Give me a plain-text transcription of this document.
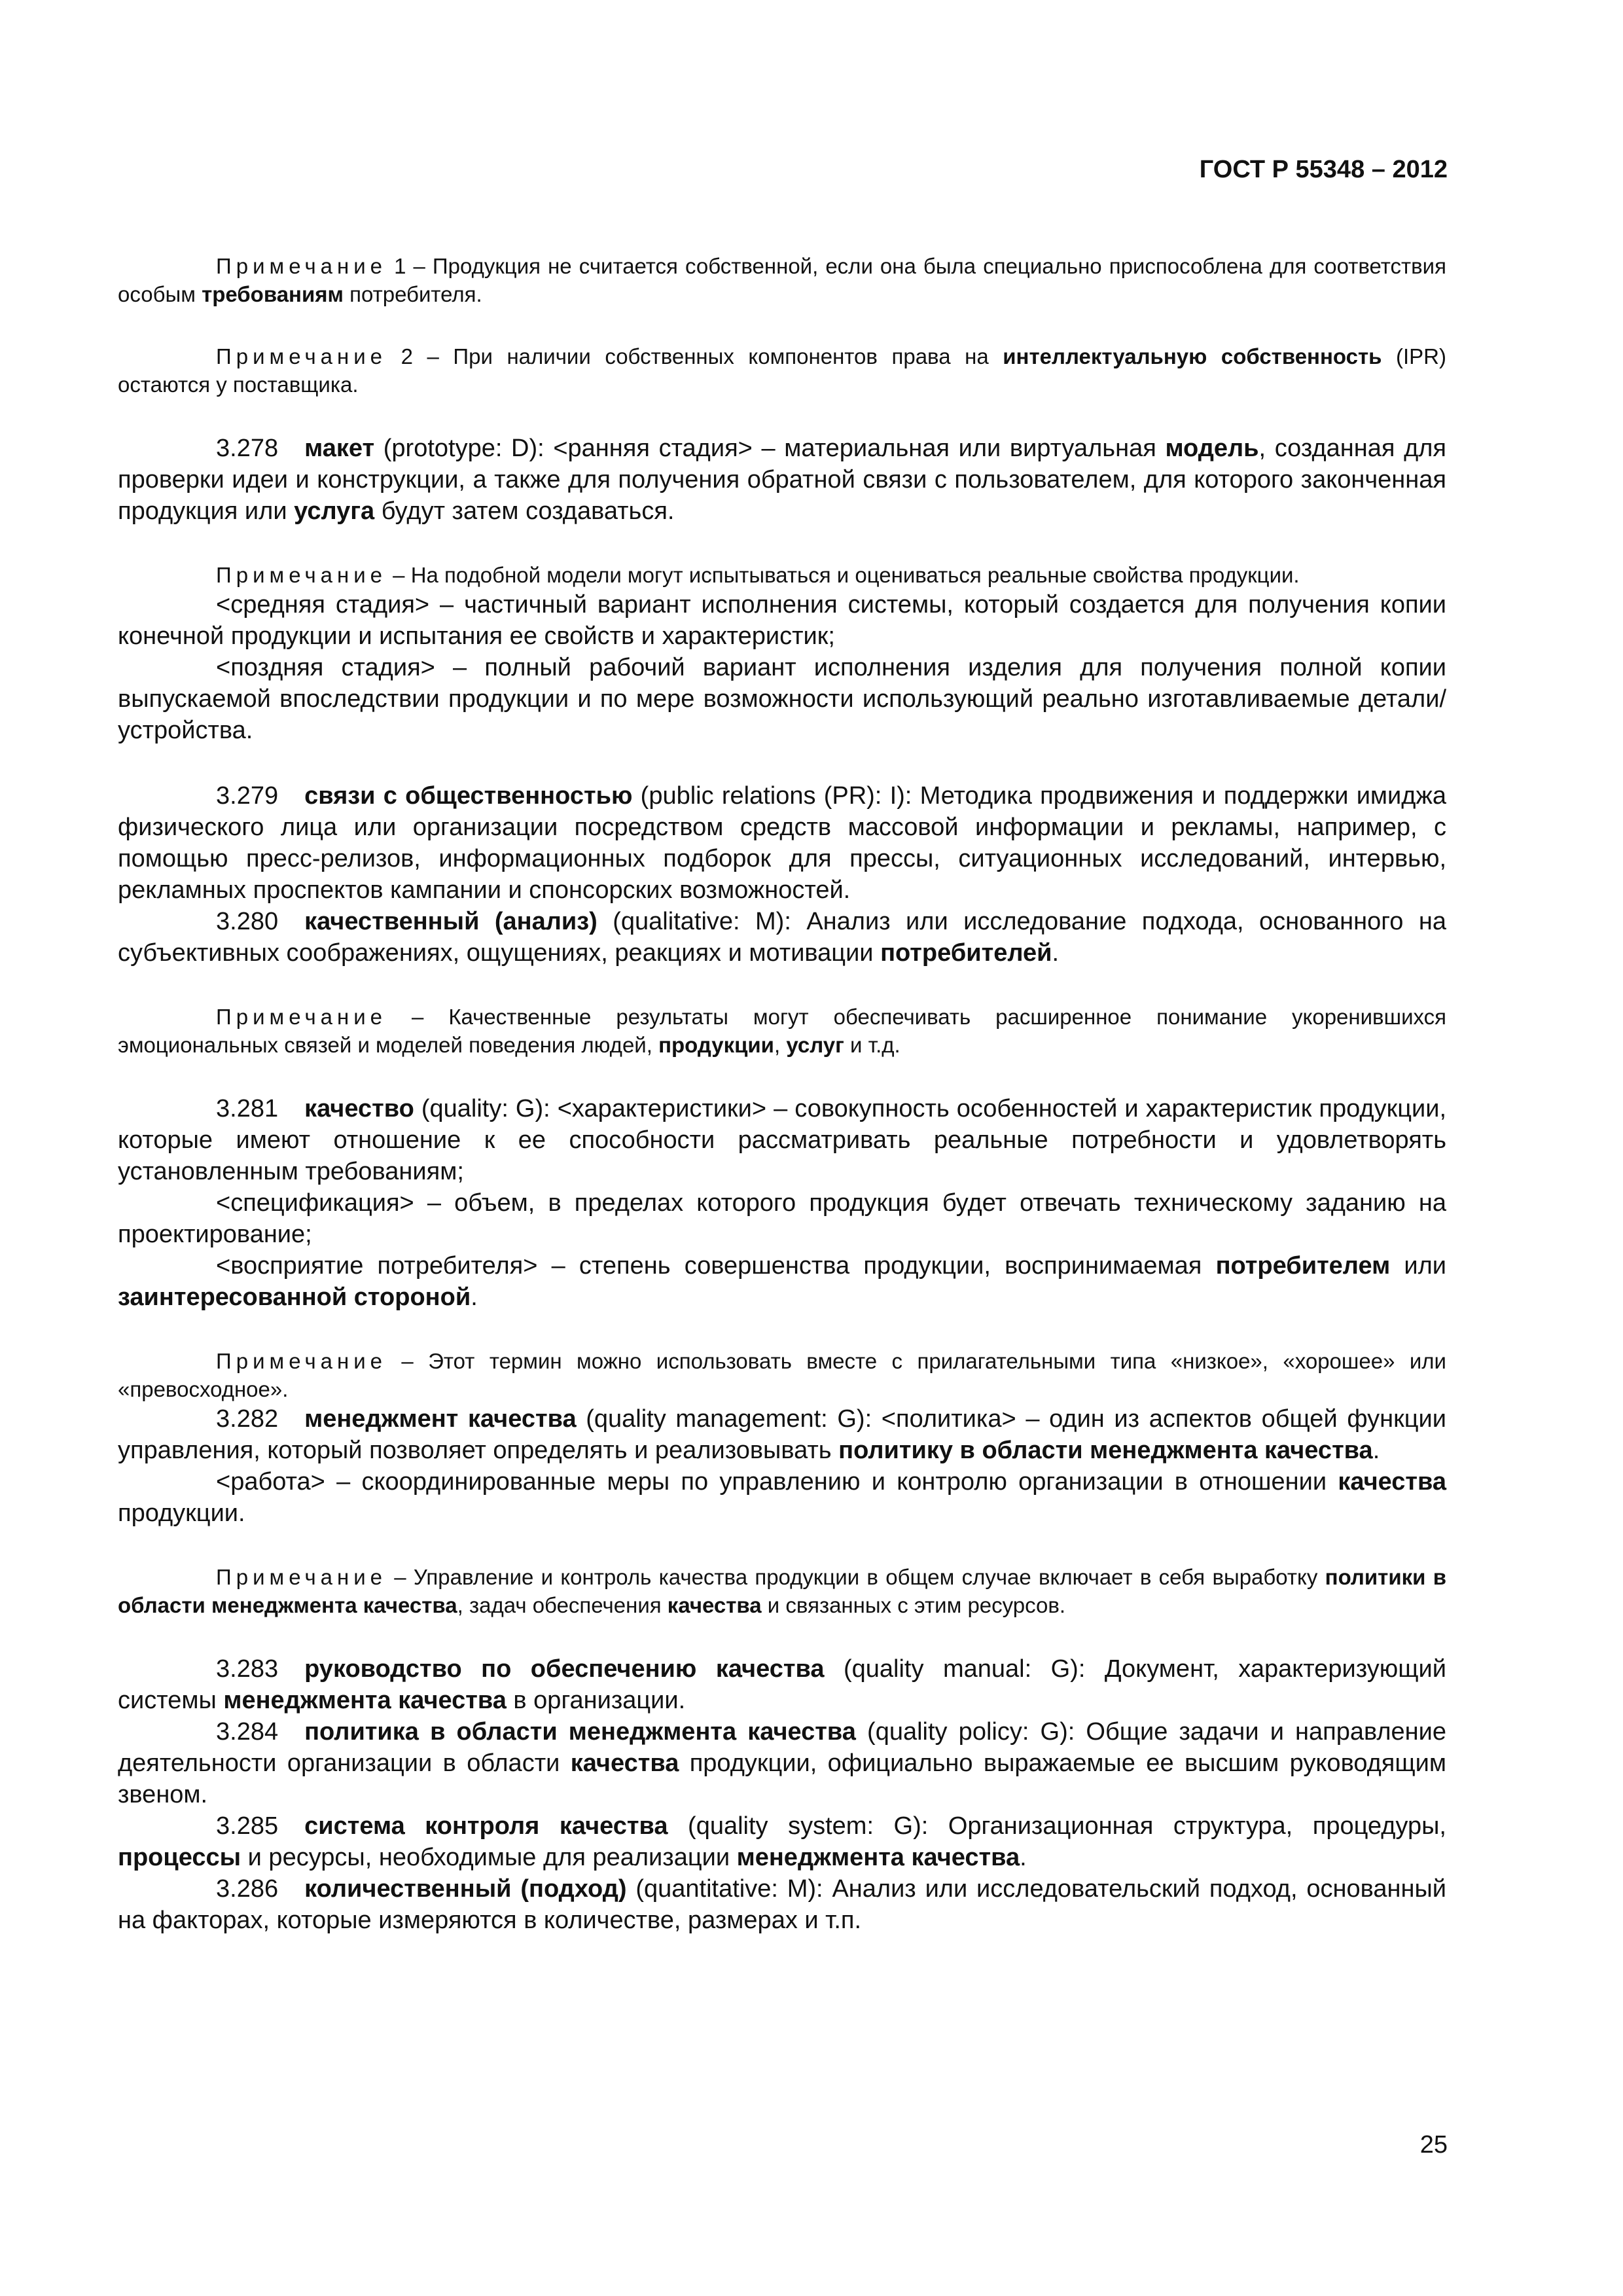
ГОСТ Р 55348 – 2012

Примечание 1 – Продукция не считается собственной, если она была специально приспособлена для соответствия особым требованиям потребителя.

Примечание 2 – При наличии собственных компонентов права на интеллектуальную собственность (IPR) остаются у поставщика.

3.278 макет (prototype: D): <ранняя стадия> – материальная или виртуальная модель, созданная для проверки идеи и конструкции, а также для получения обратной связи с пользователем, для которого законченная продукция или услуга будут затем создаваться.

Примечание – На подобной модели могут испытываться и оцениваться реальные свойства продукции.

<средняя стадия> – частичный вариант исполнения системы, который создается для получения копии конечной продукции и испытания ее свойств и характеристик;

<поздняя стадия> – полный рабочий вариант исполнения изделия для получения полной копии выпускаемой впоследствии продукции и по мере возможности использующий реально изготавливаемые детали/устройства.

3.279 связи с общественностью (public relations (PR): I): Методика продвижения и поддержки имиджа физического лица или организации посредством средств массовой информации и рекламы, например, с помощью пресс-релизов, информационных подборок для прессы, ситуационных исследований, интервью, рекламных проспектов кампании и спонсорских возможностей.

3.280 качественный (анализ) (qualitative: M): Анализ или исследование подхода, основанного на субъективных соображениях, ощущениях, реакциях и мотивации потребителей.

Примечание – Качественные результаты могут обеспечивать расширенное понимание укоренившихся эмоциональных связей и моделей поведения людей, продукции, услуг и т.д.

3.281 качество (quality: G): <характеристики> – совокупность особенностей и характеристик продукции, которые имеют отношение к ее способности рассматривать реальные потребности и удовлетворять установленным требованиям;

<спецификация> – объем, в пределах которого продукция будет отвечать техническому заданию на проектирование;

<восприятие потребителя> – степень совершенства продукции, воспринимаемая потребителем или заинтересованной стороной.

Примечание – Этот термин можно использовать вместе с прилагательными типа «низкое», «хорошее» или «превосходное».

3.282 менеджмент качества (quality management: G): <политика> – один из аспектов общей функции управления, который позволяет определять и реализовывать политику в области менеджмента качества.

<работа> – скоординированные меры по управлению и контролю организации в отношении качества продукции.

Примечание – Управление и контроль качества продукции в общем случае включает в себя выработку политики в области менеджмента качества, задач обеспечения качества и связанных с этим ресурсов.

3.283 руководство по обеспечению качества (quality manual: G): Документ, характеризующий системы менеджмента качества в организации.

3.284 политика в области менеджмента качества (quality policy: G): Общие задачи и направление деятельности организации в области качества продукции, официально выражаемые ее высшим руководящим звеном.

3.285 система контроля качества (quality system: G): Организационная структура, процедуры, процессы и ресурсы, необходимые для реализации менеджмента качества.

3.286 количественный (подход) (quantitative: M): Анализ или исследовательский подход, основанный на факторах, которые измеряются в количестве, размерах и т.п.

25
